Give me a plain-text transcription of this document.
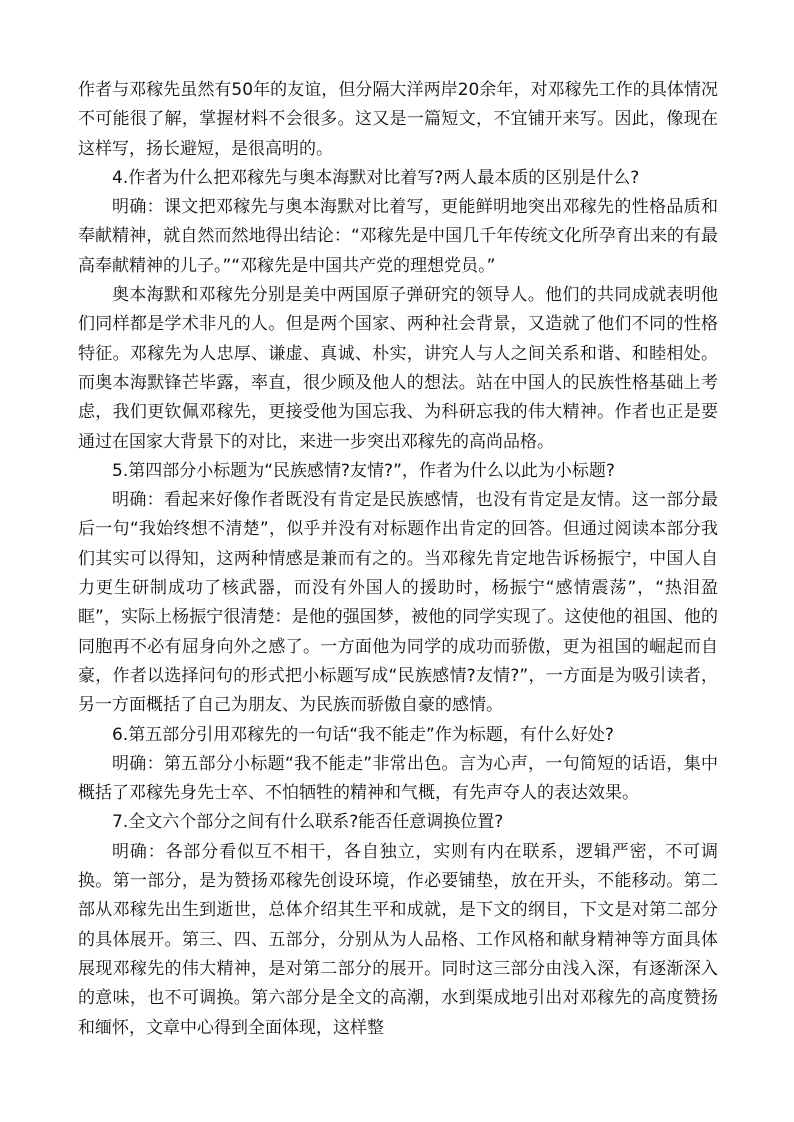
作者与邓稼先虽然有50年的友谊，但分隔大洋两岸20余年，对邓稼先工作的具体情况不可能很了解，掌握材料不会很多。这又是一篇短文，不宜铺开来写。因此，像现在这样写，扬长避短，是很高明的。

4.作者为什么把邓稼先与奥本海默对比着写?两人最本质的区别是什么?

明确：课文把邓稼先与奥本海默对比着写，更能鲜明地突出邓稼先的性格品质和奉献精神，就自然而然地得出结论：“邓稼先是中国几千年传统文化所孕育出来的有最高奉献精神的儿子。”“邓稼先是中国共产党的理想党员。”

奥本海默和邓稼先分别是美中两国原子弹研究的领导人。他们的共同成就表明他们同样都是学术非凡的人。但是两个国家、两种社会背景，又造就了他们不同的性格特征。邓稼先为人忠厚、谦虚、真诚、朴实，讲究人与人之间关系和谐、和睦相处。而奥本海默锋芒毕露，率直，很少顾及他人的想法。站在中国人的民族性格基础上考虑，我们更钦佩邓稼先，更接受他为国忘我、为科研忘我的伟大精神。作者也正是要通过在国家大背景下的对比，来进一步突出邓稼先的高尚品格。

5.第四部分小标题为“民族感情?友情?”，作者为什么以此为小标题?

明确：看起来好像作者既没有肯定是民族感情，也没有肯定是友情。这一部分最后一句“我始终想不清楚”，似乎并没有对标题作出肯定的回答。但通过阅读本部分我们其实可以得知，这两种情感是兼而有之的。当邓稼先肯定地告诉杨振宁，中国人自力更生研制成功了核武器，而没有外国人的援助时，杨振宁“感情震荡”，“热泪盈眶”，实际上杨振宁很清楚：是他的强国梦，被他的同学实现了。这使他的祖国、他的同胞再不必有屈身向外之感了。一方面他为同学的成功而骄傲，更为祖国的崛起而自豪，作者以选择问句的形式把小标题写成“民族感情?友情?”，一方面是为吸引读者，另一方面概括了自己为朋友、为民族而骄傲自豪的感情。

6.第五部分引用邓稼先的一句话“我不能走”作为标题，有什么好处?

明确：第五部分小标题“我不能走”非常出色。言为心声，一句简短的话语，集中概括了邓稼先身先士卒、不怕牺牲的精神和气概，有先声夺人的表达效果。

7.全文六个部分之间有什么联系?能否任意调换位置?

明确：各部分看似互不相干，各自独立，实则有内在联系，逻辑严密，不可调换。第一部分，是为赞扬邓稼先创设环境，作必要铺垫，放在开头，不能移动。第二部从邓稼先出生到逝世，总体介绍其生平和成就，是下文的纲目，下文是对第二部分的具体展开。第三、四、五部分，分别从为人品格、工作风格和献身精神等方面具体展现邓稼先的伟大精神，是对第二部分的展开。同时这三部分由浅入深，有逐渐深入的意味，也不可调换。第六部分是全文的高潮，水到渠成地引出对邓稼先的高度赞扬和缅怀，文章中心得到全面体现，这样整
